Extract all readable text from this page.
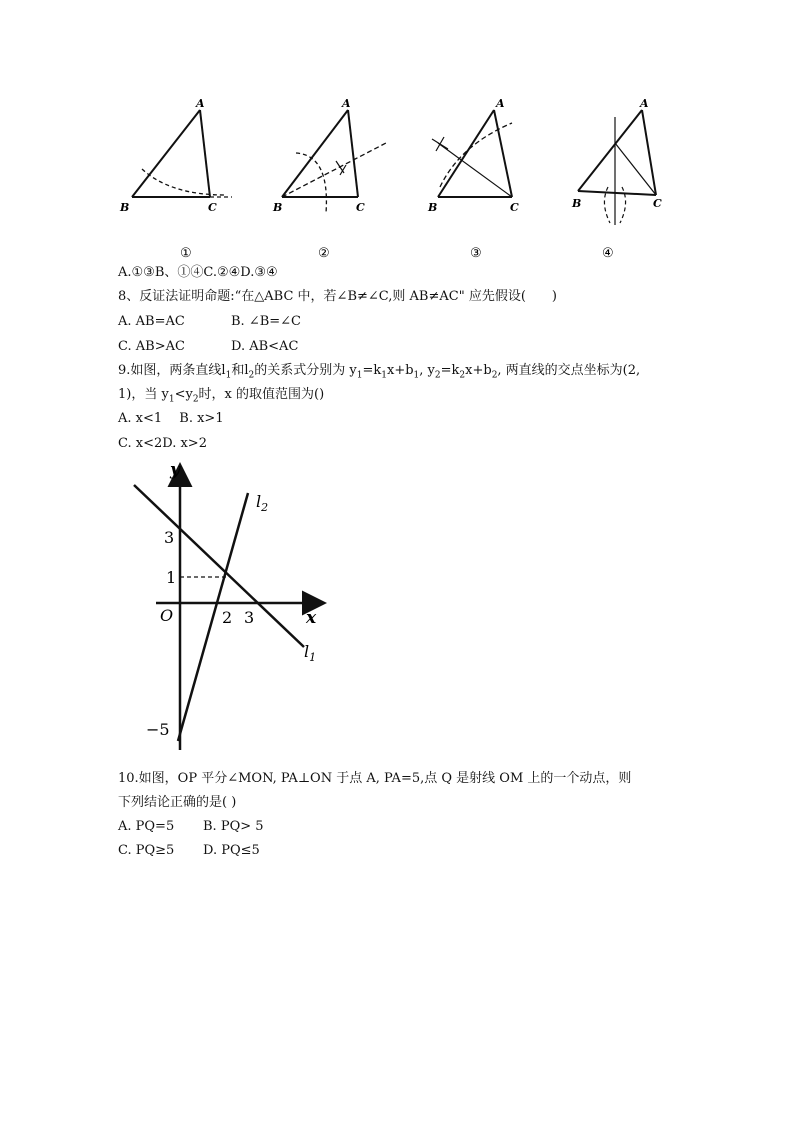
A
B	C
①
A
B	C
②
A
B	C
③
A
B	C
④
A.①③B、①④C.②④D.③④
8、反证法证明命题:“在△ABC 中，若∠B≠∠C,则 AB≠AC" 应先假设(　　)
A. AB=AC	B. ∠B=∠C
C. AB>AC	D. AB<AC
9.如图，两条直线$l_1$和$l_2$的关系式分别为 $y_1=k_1x+b_1$, $y_2=k_2x+b_2$, 两直线的交点坐标为(2,
1)，当 $y_1<y_2$时，x 的取值范围为()
A. x<1　 B. x>1
C. x<2D. x>2
y
x
O
3
1
2 3
−5
$l_1$
$l_2$
10.如图，OP 平分∠MON, PA⊥ON 于点 A, PA=5,点 Q 是射线 OM 上的一个动点，则
下列结论正确的是( )
A. PQ=5 B. PQ> 5
C. PQ≥5 D. PQ≤5
